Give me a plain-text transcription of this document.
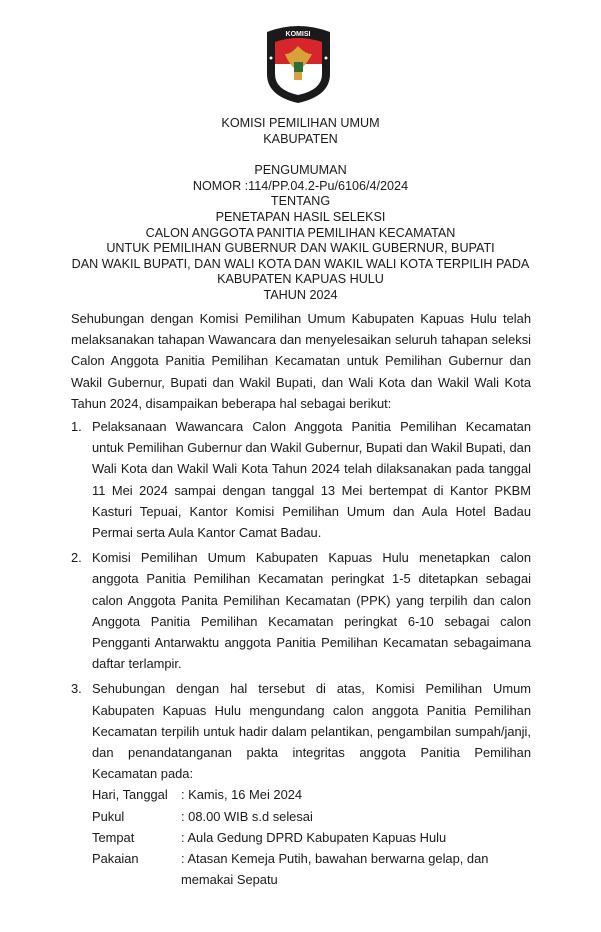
KOMISI
KOMISI PEMILIHAN UMUM
KABUPATEN
PENGUMUMAN
NOMOR :114/PP.04.2-Pu/6106/4/2024
TENTANG
PENETAPAN HASIL SELEKSI
CALON ANGGOTA PANITIA PEMILIHAN KECAMATAN
UNTUK PEMILIHAN GUBERNUR DAN WAKIL GUBERNUR, BUPATI
DAN WAKIL BUPATI, DAN WALI KOTA DAN WAKIL WALI KOTA TERPILIH PADA
KABUPATEN KAPUAS HULU
TAHUN 2024

Sehubungan dengan Komisi Pemilihan Umum Kabupaten Kapuas Hulu telah melaksanakan tahapan Wawancara dan menyelesaikan seluruh tahapan seleksi Calon Anggota Panitia Pemilihan Kecamatan untuk Pemilihan Gubernur dan Wakil Gubernur, Bupati dan Wakil Bupati, dan Wali Kota dan Wakil Wali Kota Tahun 2024, disampaikan beberapa hal sebagai berikut:

1. Pelaksanaan Wawancara Calon Anggota Panitia Pemilihan Kecamatan untuk Pemilihan Gubernur dan Wakil Gubernur, Bupati dan Wakil Bupati, dan Wali Kota dan Wakil Wali Kota Tahun 2024 telah dilaksanakan pada tanggal 11 Mei 2024 sampai dengan tanggal 13 Mei bertempat di Kantor PKBM Kasturi Tepuai, Kantor Komisi Pemilihan Umum dan Aula Hotel Badau Permai serta Aula Kantor Camat Badau.
2. Komisi Pemilihan Umum Kabupaten Kapuas Hulu menetapkan calon anggota Panitia Pemilihan Kecamatan peringkat 1-5 ditetapkan sebagai calon Anggota Panita Pemilihan Kecamatan (PPK) yang terpilih dan calon Anggota Panitia Pemilihan Kecamatan peringkat 6-10 sebagai calon Pengganti Antarwaktu anggota Panitia Pemilihan Kecamatan sebagaimana daftar terlampir.
3. Sehubungan dengan hal tersebut di atas, Komisi Pemilihan Umum Kabupaten Kapuas Hulu mengundang calon anggota Panitia Pemilihan Kecamatan terpilih untuk hadir dalam pelantikan, pengambilan sumpah/janji, dan penandatanganan pakta integritas anggota Panitia Pemilihan Kecamatan pada:
Hari, Tanggal	: Kamis, 16 Mei 2024
Pukul	: 08.00 WIB s.d selesai
Tempat	: Aula Gedung DPRD Kabupaten Kapuas Hulu
Pakaian	: Atasan Kemeja Putih, bawahan berwarna gelap, dan memakai Sepatu
